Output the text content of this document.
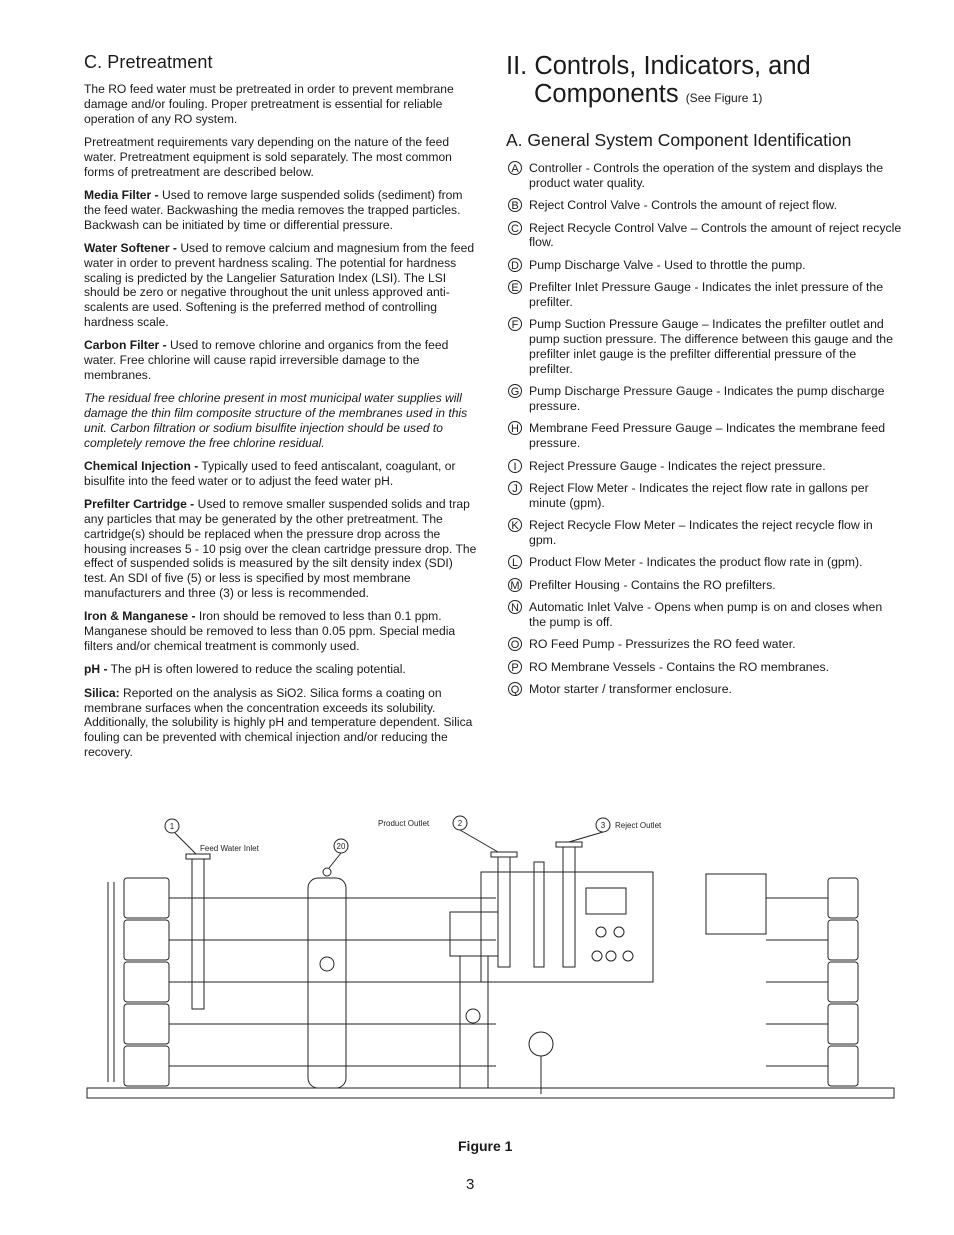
C. Pretreatment

The RO feed water must be pretreated in order to prevent membrane damage and/or fouling. Proper pretreatment is essential for reliable operation of any RO system.

Pretreatment requirements vary depending on the nature of the feed water. Pretreatment equipment is sold separately. The most common forms of pretreatment are described below.

Media Filter - Used to remove large suspended solids (sediment) from the feed water. Backwashing the media removes the trapped particles. Backwash can be initiated by time or differential pressure.

Water Softener - Used to remove calcium and magnesium from the feed water in order to prevent hardness scaling. The potential for hardness scaling is predicted by the Langelier Saturation Index (LSI). The LSI should be zero or negative throughout the unit unless approved anti-scalents are used. Softening is the preferred method of controlling hardness scale.

Carbon Filter - Used to remove chlorine and organics from the feed water. Free chlorine will cause rapid irreversible damage to the membranes.

The residual free chlorine present in most municipal water supplies will damage the thin film composite structure of the membranes used in this unit. Carbon filtration or sodium bisulfite injection should be used to completely remove the free chlorine residual.

Chemical Injection - Typically used to feed antiscalant, coagulant, or bisulfite into the feed water or to adjust the feed water pH.

Prefilter Cartridge - Used to remove smaller suspended solids and trap any particles that may be generated by the other pretreatment. The cartridge(s) should be replaced when the pressure drop across the housing increases 5 - 10 psig over the clean cartridge pressure drop. The effect of suspended solids is measured by the silt density index (SDI) test. An SDI of five (5) or less is specified by most membrane manufacturers and three (3) or less is recommended.

Iron & Manganese - Iron should be removed to less than 0.1 ppm. Manganese should be removed to less than 0.05 ppm. Special media filters and/or chemical treatment is commonly used.

pH - The pH is often lowered to reduce the scaling potential.

Silica: Reported on the analysis as SiO2. Silica forms a coating on membrane surfaces when the concentration exceeds its solubility. Additionally, the solubility is highly pH and temperature dependent. Silica fouling can be prevented with chemical injection and/or reducing the recovery.

II. Controls, Indicators, and
Components (See Figure 1)
A. General System Component Identification
A Controller - Controls the operation of the system and displays the product water quality.
B Reject Control Valve - Controls the amount of reject flow.
C Reject Recycle Control Valve – Controls the amount of reject recycle flow.
D Pump Discharge Valve - Used to throttle the pump.
E Prefilter Inlet Pressure Gauge - Indicates the inlet pressure of the prefilter.
F Pump Suction Pressure Gauge – Indicates the prefilter outlet and pump suction pressure. The difference between this gauge and the prefilter inlet gauge is the prefilter differential pressure of the prefilter.
G Pump Discharge Pressure Gauge - Indicates the pump discharge pressure.
H Membrane Feed Pressure Gauge – Indicates the membrane feed pressure.
I	Reject Pressure Gauge - Indicates the reject pressure.
J Reject Flow Meter - Indicates the reject flow rate in gallons per minute (gpm).
K Reject Recycle Flow Meter – Indicates the reject recycle flow in gpm.
L Product Flow Meter - Indicates the product flow rate in (gpm).
M Prefilter Housing - Contains the RO prefilters.
N Automatic Inlet Valve - Opens when pump is on and closes when the pump is off.
O RO Feed Pump - Pressurizes the RO feed water.
P RO Membrane Vessels - Contains the RO membranes.
Q Motor starter / transformer enclosure.
Feed Water Inlet
Product Outlet	Reject Outlet
1
20
2	3
Figure 1
3
